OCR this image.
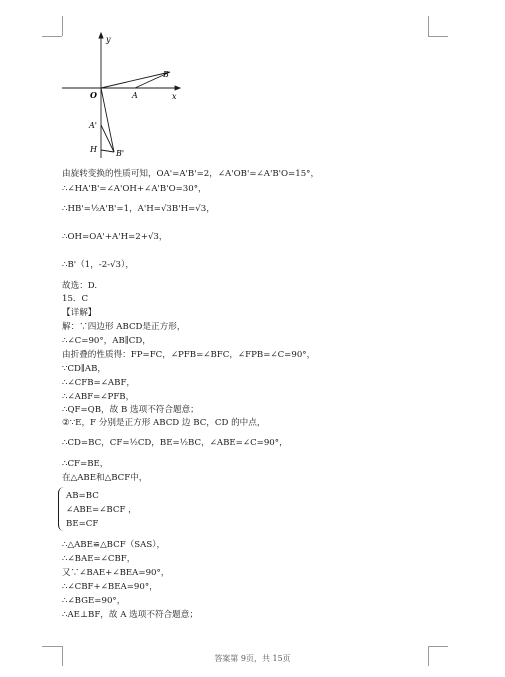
y
x
O
B
A
A'
H B'
由旋转变换的性质可知，OA'=A'B'=2，∠A'OB'=∠A'B'O=15°，
∴∠HA'B'=∠A'OH+∠A'B'O=30°，
∴HB'=½A'B'=1，A'H=√3B'H=√3，
∴OH=OA'+A'H=2+√3，
∴B'（1，-2-√3），
故选：D.
15．C
【详解】
解：∵四边形 ABCD是正方形，
∴∠C=90°，AB∥CD，
由折叠的性质得：FP=FC，∠PFB=∠BFC，∠FPB=∠C=90°，
∵CD∥AB，
∴∠CFB=∠ABF，
∴∠ABF=∠PFB，
∴QF=QB，故 B 选项不符合题意；
②∵E，F 分别是正方形 ABCD 边 BC，CD 的中点，
∴CD=BC，CF=½CD，BE=½BC，∠ABE=∠C=90°，
∴CF=BE，
在△ABE和△BCF中，
AB=BC
∠ABE=∠BCF ，
BE=CF
∴△ABE≌△BCF（SAS），
∴∠BAE=∠CBF，
又∵∠BAE+∠BEA=90°，
∴∠CBF+∠BEA=90°，
∴∠BGE=90°，
∴AE⊥BF，故 A 选项不符合题意；
答案第 9页，共 15页
